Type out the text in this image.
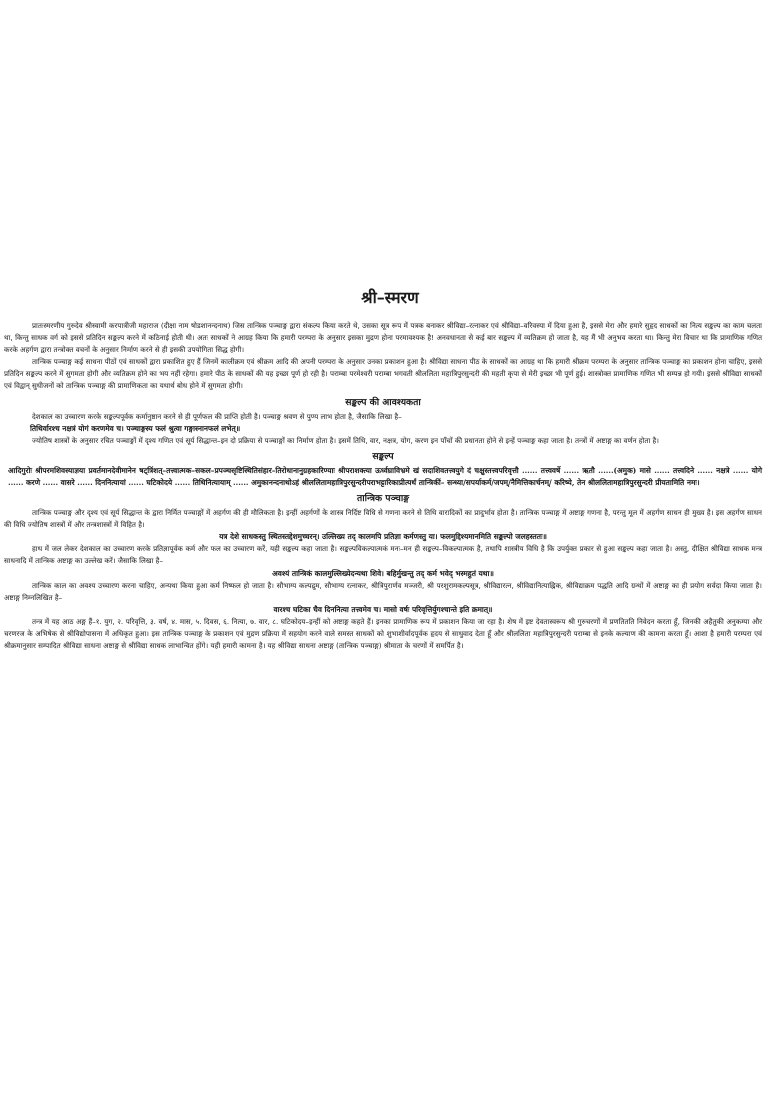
श्री–स्मरण

प्रातःस्मरणीय गुरुदेव श्रीस्वामी करपात्रीजी महाराज (दीक्षा नाम षोडशानन्दनाथ) जिस तान्त्रिक पञ्चाङ्ग द्वारा संकल्प किया करते थे, उसका सूत्र रूप में पत्रक बनाकर श्रीविद्या–रत्नाकर एवं श्रीविद्या–वरिवस्या में दिया हुआ है, इससे मेरा और हमारे सुहृद साधकों का नित्य सङ्कल्प का काम चलता था, किन्तु साधक वर्ग को इससे प्रतिदिन सङ्कल्प करने में कठिनाई होती थी। अतः साधकों ने आग्रह किया कि हमारी परम्परा के अनुसार इसका मुद्रण होना परमावश्यक है! अनवधानता से कई बार सङ्कल्प में व्यतिक्रम हो जाता है, यह मैं भी अनुभव करता था। किन्तु मेरा विचार था कि प्रामाणिक गणित करके अहर्गण द्वारा तन्त्रोक्त वचनों के अनुसार निर्माण करने से ही इसकी उपयोगिता सिद्ध होगी।

तान्त्रिक पञ्चाङ्ग कई साधना पीठों एवं साधकों द्वारा प्रकाशित हुए हैं जिनमें कालीक्रम एवं श्रीक्रम आदि की अपनी परम्परा के अनुसार उनका प्रकाशन हुआ है। श्रीविद्या साधना पीठ के साधकों का आग्रह था कि हमारी श्रीक्रम परम्परा के अनुसार तान्त्रिक पञ्चाङ्ग का प्रकाशन होना चाहिए, इससे प्रतिदिन सङ्कल्प करने में सुगमता होगी और व्यतिक्रम होने का भय नहीं रहेगा। हमारे पीठ के साधकों की यह इच्छा पूर्ण हो रही है। पराम्बा परमेश्वरी पराम्बा भगवती श्रीललिता महात्रिपुरसुन्दरी की महती कृपा से मेरी इच्छा भी पूर्ण हुई। शास्त्रोक्त प्रामाणिक गणित भी सम्पन्न हो गयी। इससे श्रीविद्या साधकों एवं विद्वान् सुधीजनों को तान्त्रिक पञ्चाङ्ग की प्रामाणिकता का यथार्थ बोध होने में सुगमता होगी।

सङ्कल्प की आवश्यकता

देशकाल का उच्चारण करके सङ्कल्पपूर्वक कर्मानुष्ठान करने से ही पूर्णफल की प्राप्ति होती है। पञ्चाङ्ग श्रवण से पुण्य लाभ होता है, जैसाकि लिखा है–

तिथिर्वारश्च नक्षत्रं योगं करणमेव च। पञ्चाङ्गस्य फलं श्रुत्वा गङ्गास्नानफलं लभेत्॥

ज्योतिष शास्त्रों के अनुसार रचित पञ्चाङ्गों में दृश्य गणित एवं सूर्य सिद्धान्त–इन दो प्रक्रिया से पञ्चाङ्गों का निर्माण होता है। इसमें तिथि, वार, नक्षत्र, योग, करण इन पाँचों की प्रधानता होने से इन्हें पञ्चाङ्ग कहा जाता है। तन्त्रों में अष्टाङ्ग का वर्णन होता है।

सङ्कल्प

आदिगुरोः श्रीपरमशिवस्याज्ञया प्रवर्तमानदेवीमानेन षट्त्रिंशत्–तत्त्वात्मक–सकल–प्रपञ्चसृष्टिस्थितिसंहार–तिरोधानानुग्रहकारिण्याः श्रीपराशक्त्या ऊर्ध्वघ्राविभ्रमे खं सदाशिवतत्त्वयुगे दं चक्षुस्तत्त्वपरिवृत्तौ ...... तत्त्ववर्षे ...... ऋतौ ......(अमुक) मासे ...... तत्त्वदिने ...... नक्षत्रे ...... योगे ...... करणे ...... वासरे ...... दिननित्यायां ...... घटिकोदये ...... तिथिनित्यायाम् ...... अमुकानन्दनाथोऽहं श्रीललितामहात्रिपुरसुन्दरीपराभट्टारिकाप्रीत्यर्थं तान्त्रिकीं– सन्ध्या/सपर्याकर्म/जपम्/नैमित्तिकार्चनम्/ करिष्ये, तेन श्रीललितामहात्रिपुरसुन्दरी प्रीयतामिति नमः।

तान्त्रिक पञ्चाङ्ग

तान्त्रिक पञ्चाङ्ग और दृश्य एवं सूर्य सिद्धान्त के द्वारा निर्मित पञ्चाङ्गों में अहर्गण की ही मौलिकता है। इन्हीं अहर्गणों के शास्त्र निर्दिष्ट विधि से गणना करने से तिथि वारादिकों का प्रादुर्भाव होता है। तान्त्रिक पञ्चाङ्ग में अष्टाङ्ग गणना है, परन्तु मूल में अहर्गण साधन ही मुख्य है। इस अहर्गण साधन की विधि ज्योतिष शास्त्रों में और तन्त्रशास्त्रों में विहित है।

यत्र देशे साधकस्तु स्थितस्तद्देशमुच्चरन्। उल्लिख्य तद् कालमपि प्रतिज्ञा कर्मणस्तु या। फलमुद्दिश्यमानमिति सङ्कल्पो जलहस्ततः॥

हाथ में जल लेकर देशकाल का उच्चारण करके प्रतिज्ञापूर्वक कर्म और फल का उच्चारण करें, यही सङ्कल्प कहा जाता है। सङ्कल्पविकल्पात्मकं मनः–मन ही सङ्कल्प–विकल्पात्मक है, तथापि शास्त्रीय विधि है कि उपर्युक्त प्रकार से हुआ सङ्कल्प कहा जाता है। अस्तु, दीक्षित श्रीविद्या साधक मन्त्र साधनादि में तान्त्रिक अष्टाङ्ग का उल्लेख करें। जैसाकि लिखा है–

अवश्यं तान्त्रिकं कालमुल्लिख्येदन्यथा शिवे। बहिर्मुखन्तु तद् कर्म भवेद् भस्महुतं यथा॥

तान्त्रिक काल का अवश्य उच्चारण करना चाहिए, अन्यथा किया हुआ कर्म निष्फल हो जाता है। सौभाग्य कल्पद्रुम, सौभाग्य रत्नाकर, श्रीत्रिपुरार्णव मञ्जरी, श्री परशुरामकल्पसूत्र, श्रीविद्यारत्न, श्रीविद्यानित्याह्निक, श्रीविद्याक्रम पद्धति आदि ग्रन्थों में अष्टाङ्ग का ही प्रयोग सर्वदा किया जाता है। अष्टाङ्ग निम्नलिखित है–

वारश्च घटिका चैव दिननित्या तत्त्वमेव च। मासो वर्षः परिवृत्तिर्युगश्चान्ते इति क्रमात्॥

तन्त्र में यह आठ अङ्ग हैं–१. युग, २. परिवृत्ति, ३. वर्ष, ४. मास, ५. दिवस, ६. नित्या, ७. वार, ८. घटिकोदय–इन्हीं को अष्टाङ्ग कहते हैं। इनका प्रामाणिक रूप में प्रकाशन किया जा रहा है। शेष में इष्ट देवतास्वरूप श्री गुरुचरणों में प्रणतितति निवेदन करता हूँ, जिनकी अहैतुकी अनुकम्पा और चरणरज के अभिषेक से श्रीविद्योपासना में अधिकृत हुआ। इस तान्त्रिक पञ्चाङ्ग के प्रकाशन एवं मुद्रण प्रक्रिया में सहयोग करने वाले समस्त साधकों को शुभाशीर्वादपूर्वक हृदय से साधुवाद देता हूँ और श्रीललिता महात्रिपुरसुन्दरी पराम्बा से इनके कल्याण की कामना करता हूँ। आशा है हमारी परम्परा एवं श्रीक्रमानुसार सम्पादित श्रीविद्या साधना अष्टाङ्ग से श्रीविद्या साधक लाभान्वित होंगे। यही हमारी कामना है। यह श्रीविद्या साधना अष्टाङ्ग (तान्त्रिक पञ्चाङ्ग) श्रीमाता के चरणों में समर्पित है।
